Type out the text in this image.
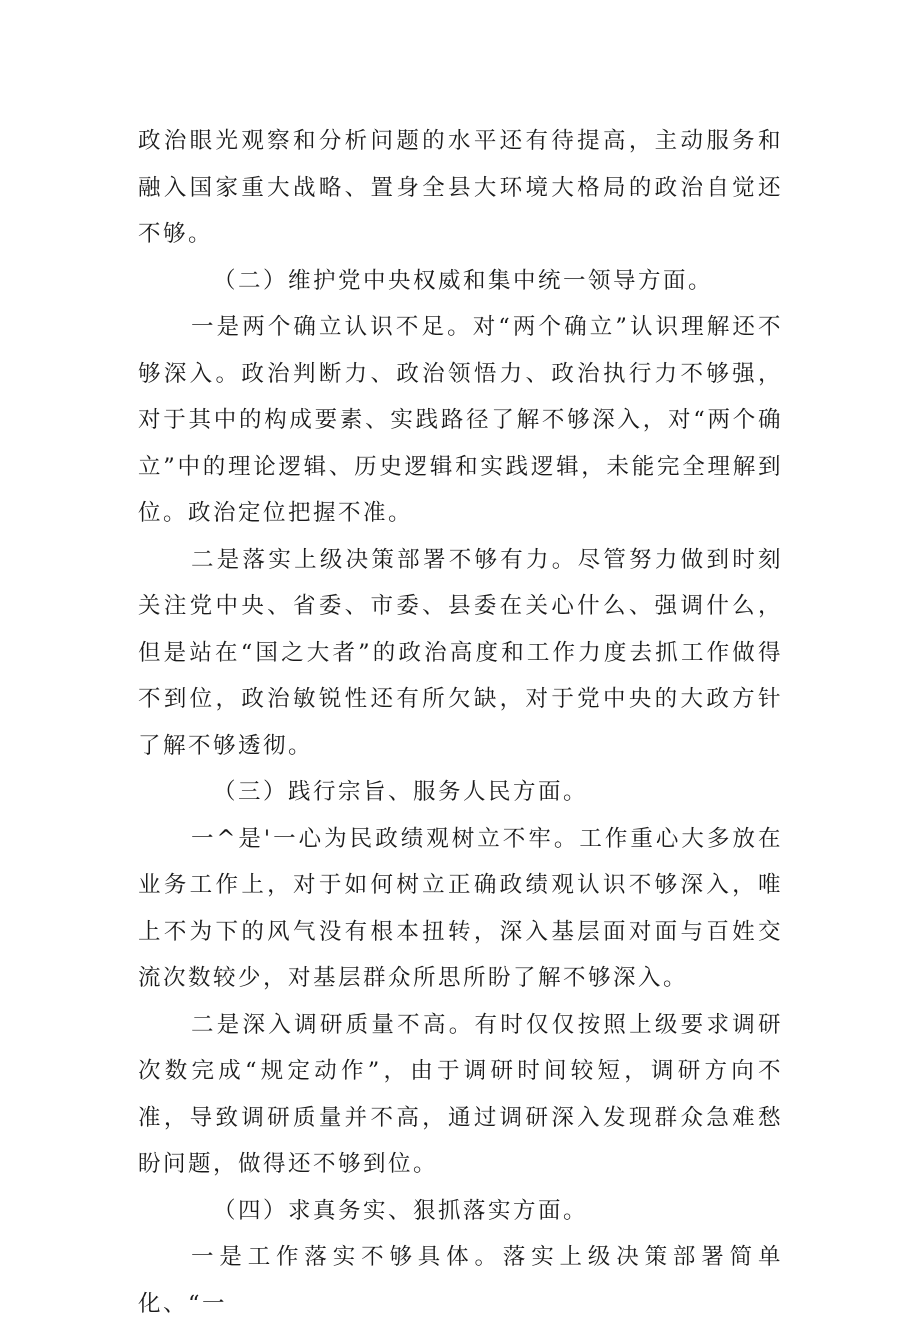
政治眼光观察和分析问题的水平还有待提高，主动服务和融入国家重大战略、置身全县大环境大格局的政治自觉还不够。

（二）维护党中央权威和集中统一领导方面。

一是两个确立认识不足。对“两个确立”认识理解还不够深入。政治判断力、政治领悟力、政治执行力不够强，对于其中的构成要素、实践路径了解不够深入，对“两个确立”中的理论逻辑、历史逻辑和实践逻辑，未能完全理解到位。政治定位把握不准。

二是落实上级决策部署不够有力。尽管努力做到时刻关注党中央、省委、市委、县委在关心什么、强调什么，但是站在“国之大者”的政治高度和工作力度去抓工作做得不到位，政治敏锐性还有所欠缺，对于党中央的大政方针了解不够透彻。

（三）践行宗旨、服务人民方面。

一^是'一心为民政绩观树立不牢。工作重心大多放在业务工作上，对于如何树立正确政绩观认识不够深入，唯上不为下的风气没有根本扭转，深入基层面对面与百姓交流次数较少，对基层群众所思所盼了解不够深入。

二是深入调研质量不高。有时仅仅按照上级要求调研次数完成“规定动作”，由于调研时间较短，调研方向不准，导致调研质量并不高，通过调研深入发现群众急难愁盼问题，做得还不够到位。

（四）求真务实、狠抓落实方面。

一是工作落实不够具体。落实上级决策部署简单化、“一
